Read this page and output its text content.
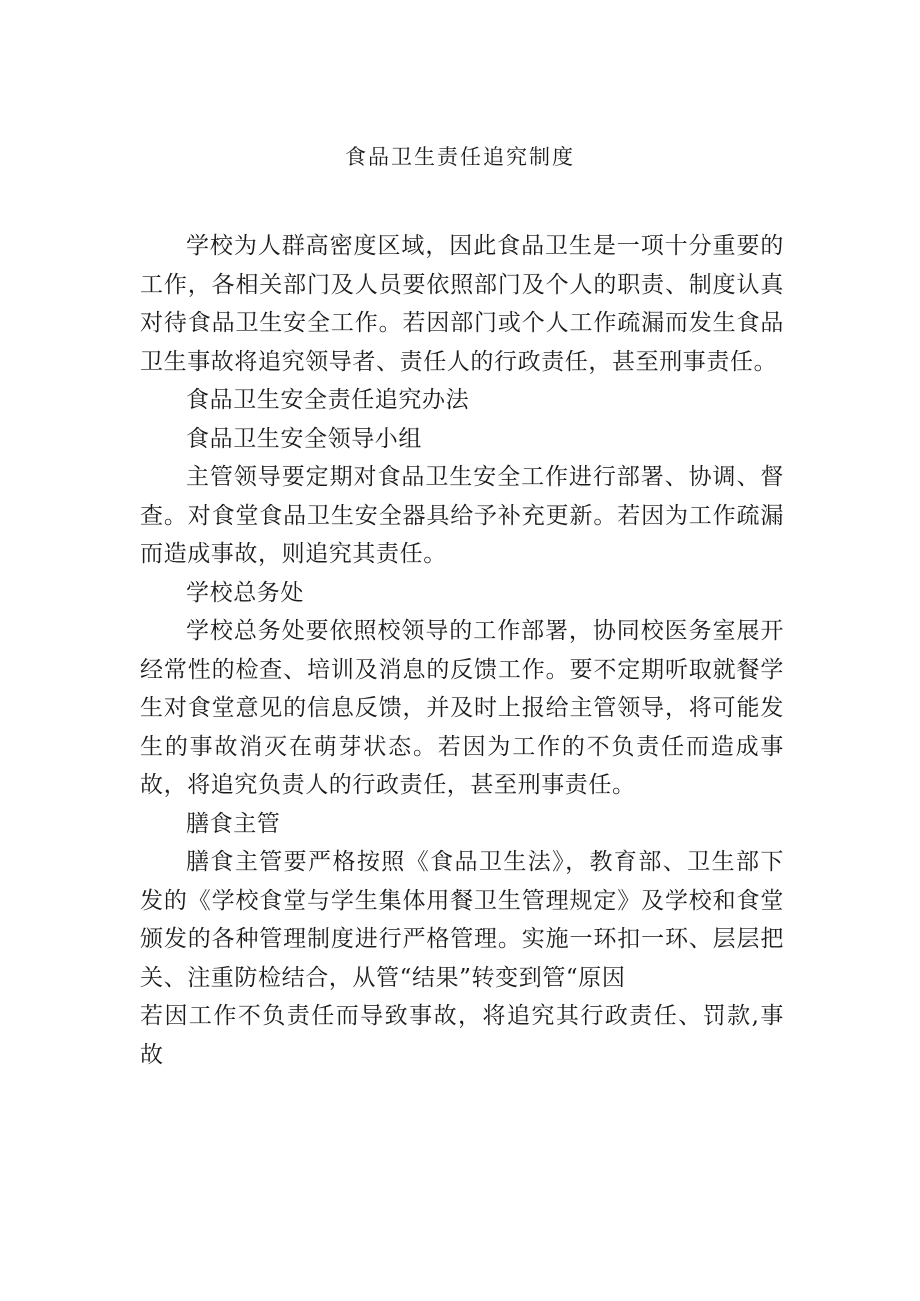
食品卫生责任追究制度

学校为人群高密度区域，因此食品卫生是一项十分重要的工作，各相关部门及人员要依照部门及个人的职责、制度认真对待食品卫生安全工作。若因部门或个人工作疏漏而发生食品卫生事故将追究领导者、责任人的行政责任，甚至刑事责任。

食品卫生安全责任追究办法

食品卫生安全领导小组

主管领导要定期对食品卫生安全工作进行部署、协调、督查。对食堂食品卫生安全器具给予补充更新。若因为工作疏漏而造成事故，则追究其责任。

学校总务处

学校总务处要依照校领导的工作部署，协同校医务室展开经常性的检查、培训及消息的反馈工作。要不定期听取就餐学生对食堂意见的信息反馈，并及时上报给主管领导，将可能发生的事故消灭在萌芽状态。若因为工作的不负责任而造成事故，将追究负责人的行政责任，甚至刑事责任。

膳食主管

膳食主管要严格按照《食品卫生法》，教育部、卫生部下发的《学校食堂与学生集体用餐卫生管理规定》及学校和食堂颁发的各种管理制度进行严格管理。实施一环扣一环、层层把关、注重防检结合，从管“结果”转变到管“原因

若因工作不负责任而导致事故，将追究其行政责任、罚款,事故
